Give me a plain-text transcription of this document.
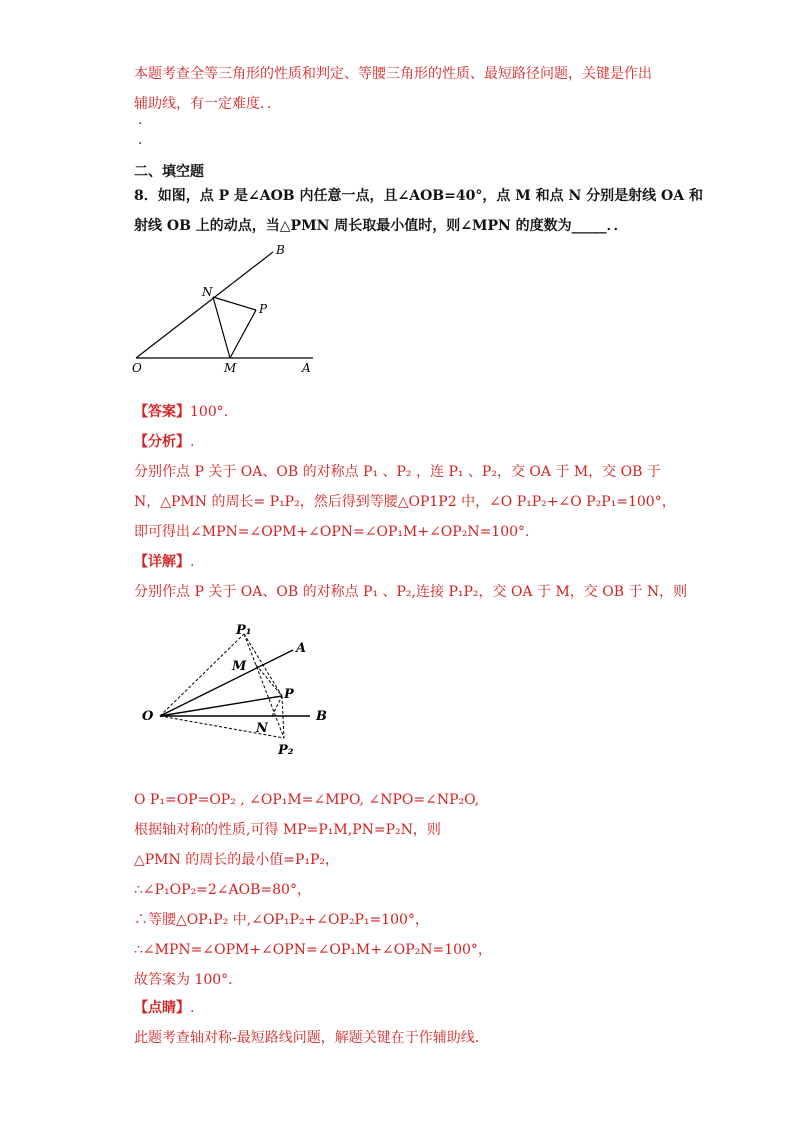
本题考查全等三角形的性质和判定、等腰三角形的性质、最短路径问题，关键是作出
辅助线，有一定难度．．
.
.
二、填空题
8．如图，点 P 是∠AOB 内任意一点，且∠AOB=40°，点 M 和点 N 分别是射线 OA 和
射线 OB 上的动点，当△PMN 周长取最小值时，则∠MPN 的度数为_____．．
B
N
P
O	M	A
【答案】100°.
【分析】.
分别作点 P 关于 OA、OB 的对称点 P₁ 、P₂ ，连 P₁ 、P₂，交 OA 于 M，交 OB 于
N，△PMN 的周长= P₁P₂，然后得到等腰△OP1P2 中，∠O P₁P₂+∠O P₂P₁=100°，
即可得出∠MPN=∠OPM+∠OPN=∠OP₁M+∠OP₂N=100°.
【详解】.
分别作点 P 关于 OA、OB 的对称点 P₁ 、P₂,连接 P₁P₂，交 OA 于 M，交 OB 于 N，则
P₁
A
M
P
O
N
B
P₂
O P₁=OP=OP₂ , ∠OP₁M=∠MPO, ∠NPO=∠NP₂O,
根据轴对称的性质,可得 MP=P₁M,PN=P₂N，则
△PMN 的周长的最小值=P₁P₂，
∴∠P₁OP₂=2∠AOB=80°，
∴等腰△OP₁P₂ 中,∠OP₁P₂+∠OP₂P₁=100°，
∴∠MPN=∠OPM+∠OPN=∠OP₁M+∠OP₂N=100°，
故答案为 100°.
【点睛】.
此题考查轴对称-最短路线问题，解题关键在于作辅助线.
